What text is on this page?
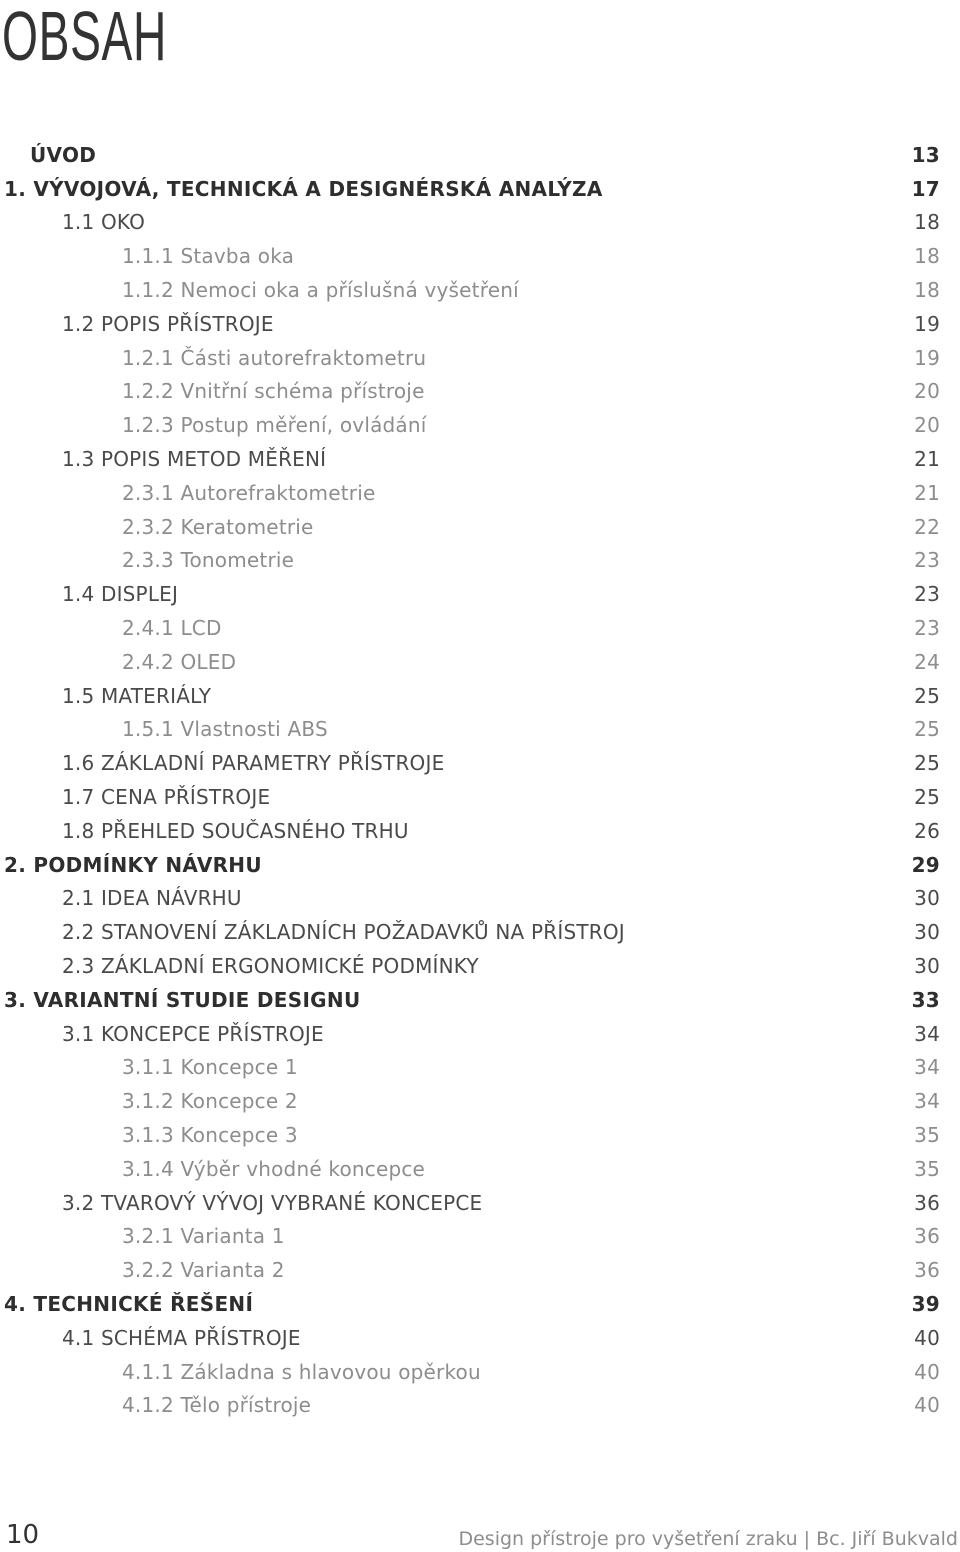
OBSAH
ÚVOD	13
1. VÝVOJOVÁ, TECHNICKÁ A DESIGNÉRSKÁ ANALÝZA	17
1.1 OKO	18
1.1.1 Stavba oka	18
1.1.2 Nemoci oka a příslušná vyšetření	18
1.2 POPIS PŘÍSTROJE	19
1.2.1 Části autorefraktometru	19
1.2.2 Vnitřní schéma přístroje	20
1.2.3 Postup měření, ovládání	20
1.3 POPIS METOD MĚŘENÍ	21
2.3.1 Autorefraktometrie	21
2.3.2 Keratometrie	22
2.3.3 Tonometrie	23
1.4 DISPLEJ	23
2.4.1 LCD	23
2.4.2 OLED	24
1.5 MATERIÁLY	25
1.5.1 Vlastnosti ABS	25
1.6 ZÁKLADNÍ PARAMETRY PŘÍSTROJE	25
1.7 CENA PŘÍSTROJE	25
1.8 PŘEHLED SOUČASNÉHO TRHU	26
2. PODMÍNKY NÁVRHU	29
2.1 IDEA NÁVRHU	30
2.2 STANOVENÍ ZÁKLADNÍCH POŽADAVKŮ NA PŘÍSTROJ	30
2.3 ZÁKLADNÍ ERGONOMICKÉ PODMÍNKY	30
3. VARIANTNÍ STUDIE DESIGNU	33
3.1 KONCEPCE PŘÍSTROJE	34
3.1.1 Koncepce 1	34
3.1.2 Koncepce 2	34
3.1.3 Koncepce 3	35
3.1.4 Výběr vhodné koncepce	35
3.2 TVAROVÝ VÝVOJ VYBRANÉ KONCEPCE	36
3.2.1 Varianta 1	36
3.2.2 Varianta 2	36
4. TECHNICKÉ ŘEŠENÍ	39
4.1 SCHÉMA PŘÍSTROJE	40
4.1.1 Základna s hlavovou opěrkou	40
4.1.2 Tělo přístroje	40
10	Design přístroje pro vyšetření zraku | Bc. Jiří Bukvald
